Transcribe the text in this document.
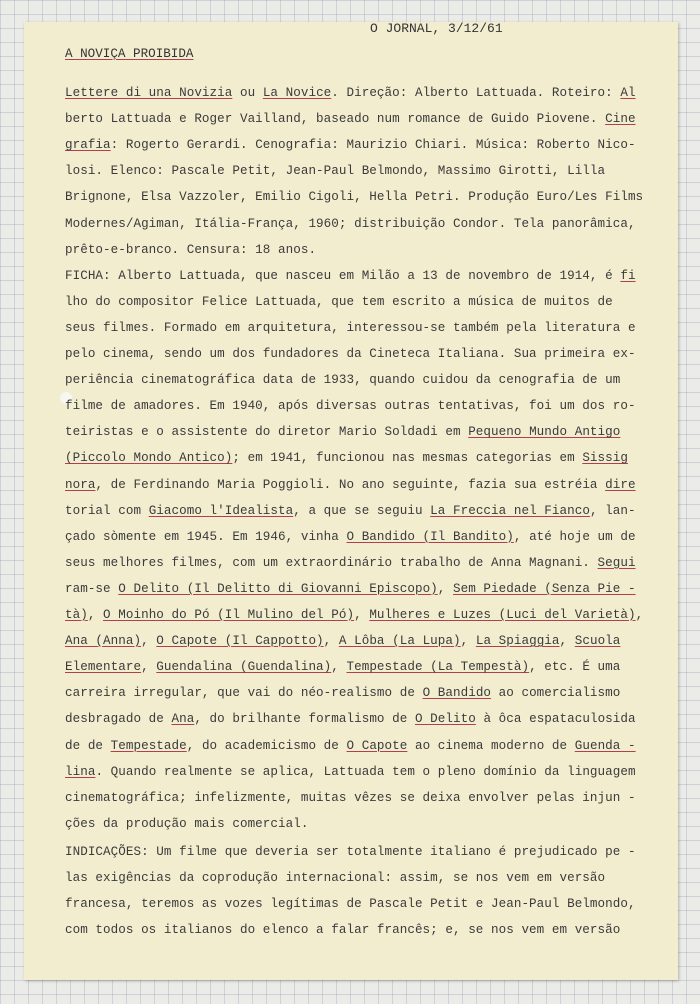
O JORNAL, 3/12/61
A NOVIÇA PROIBIDA

Lettere di una Novizia ou La Novice. Direção: Alberto Lattuada. Roteiro: Al

berto Lattuada e Roger Vailland, baseado num romance de Guido Piovene. Cine

grafia: Rogerto Gerardi. Cenografia: Maurizio Chiari. Música: Roberto Nico-

losi. Elenco: Pascale Petit, Jean-Paul Belmondo, Massimo Girotti, Lilla

Brignone, Elsa Vazzoler, Emilio Cigoli, Hella Petri. Produção Euro/Les Films

Modernes/Agiman, Itália-França, 1960; distribuição Condor. Tela panorâmica,

prêto-e-branco. Censura: 18 anos.

FICHA: Alberto Lattuada, que nasceu em Milão a 13 de novembro de 1914, é fi

lho do compositor Felice Lattuada, que tem escrito a música de muitos de

seus filmes. Formado em arquitetura, interessou-se também pela literatura e

pelo cinema, sendo um dos fundadores da Cineteca Italiana. Sua primeira ex-

periência cinematográfica data de 1933, quando cuidou da cenografia de um

filme de amadores. Em 1940, após diversas outras tentativas, foi um dos ro-

teiristas e o assistente do diretor Mario Soldadi em Pequeno Mundo Antigo

(Piccolo Mondo Antico); em 1941, funcionou nas mesmas categorias em Sissig

nora, de Ferdinando Maria Poggioli. No ano seguinte, fazia sua estréia dire

torial com Giacomo l'Idealista, a que se seguiu La Freccia nel Fianco, lan-

çado sòmente em 1945. Em 1946, vinha O Bandido (Il Bandito), até hoje um de

seus melhores filmes, com um extraordinário trabalho de Anna Magnani. Segui

ram-se O Delito (Il Delitto di Giovanni Episcopo), Sem Piedade (Senza Pie -

tà), O Moinho do Pó (Il Mulino del Pó), Mulheres e Luzes (Luci del Varietà),

Ana (Anna), O Capote (Il Cappotto), A Lôba (La Lupa), La Spiaggia, Scuola

Elementare, Guendalina (Guendalina), Tempestade (La Tempestà), etc. É uma

carreira irregular, que vai do néo-realismo de O Bandido ao comercialismo

desbragado de Ana, do brilhante formalismo de O Delito à ôca espataculosida

de de Tempestade, do academicismo de O Capote ao cinema moderno de Guenda -

lina. Quando realmente se aplica, Lattuada tem o pleno domínio da linguagem

cinematográfica; infelizmente, muitas vêzes se deixa envolver pelas injun -

ções da produção mais comercial.

INDICAÇÕES: Um filme que deveria ser totalmente italiano é prejudicado pe -

las exigências da coprodução internacional: assim, se nos vem em versão

francesa, teremos as vozes legítimas de Pascale Petit e Jean-Paul Belmondo,

com todos os italianos do elenco a falar francês; e, se nos vem em versão
